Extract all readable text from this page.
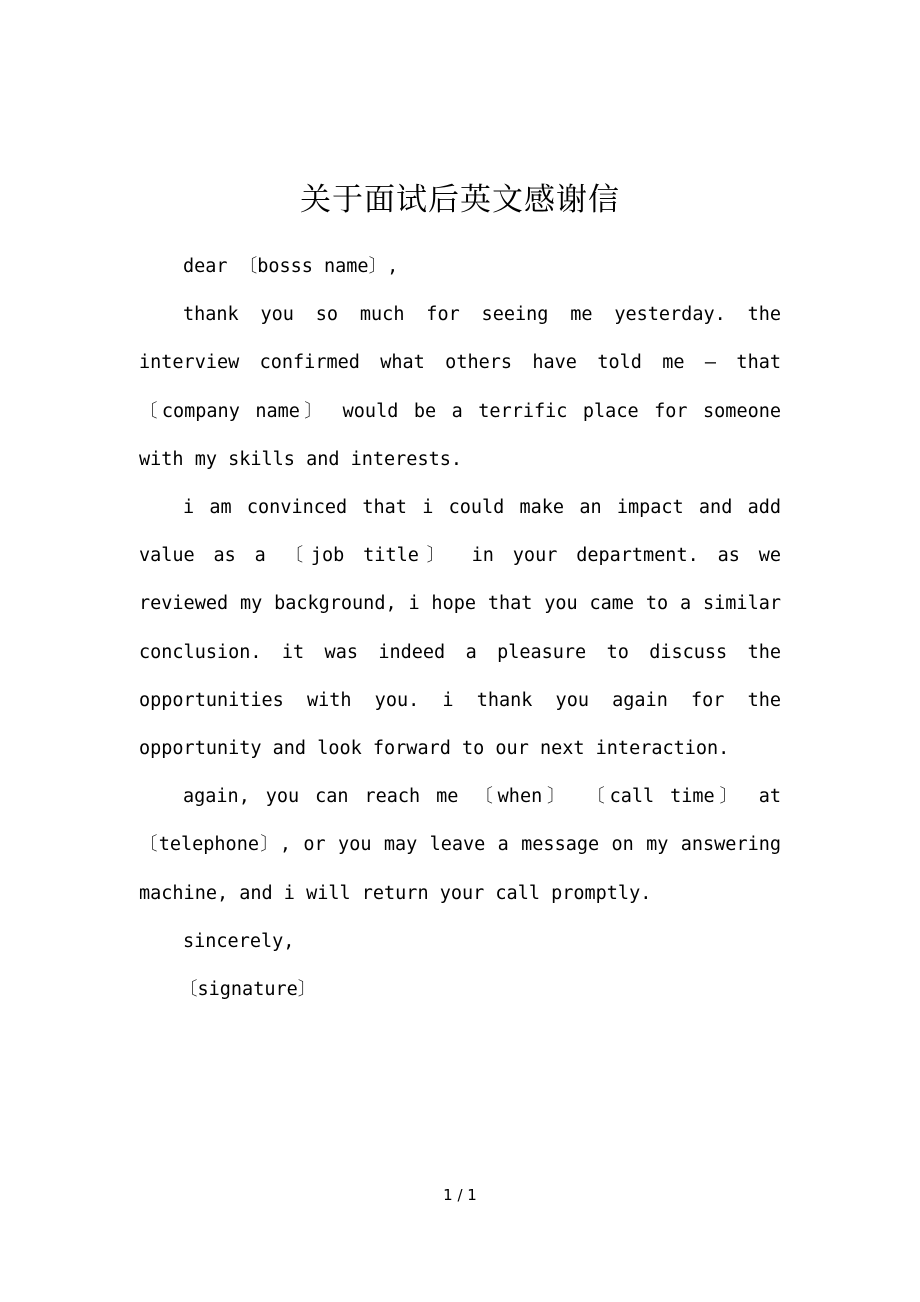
关于面试后英文感谢信

dear 〔bosss name〕,

thank you so much for seeing me yesterday. the interview confirmed what others have told me – that 〔company name〕 would be a terrific place for someone with my skills and interests.

i am convinced that i could make an impact and add value as a 〔job title〕 in your department. as we reviewed my background, i hope that you came to a similar conclusion. it was indeed a pleasure to discuss the opportunities with you. i thank you again for the opportunity and look forward to our next interaction.

again, you can reach me 〔when〕 〔call time〕 at 〔telephone〕, or you may leave a message on my answering machine, and i will return your call promptly.

sincerely,

〔signature〕

1 / 1
